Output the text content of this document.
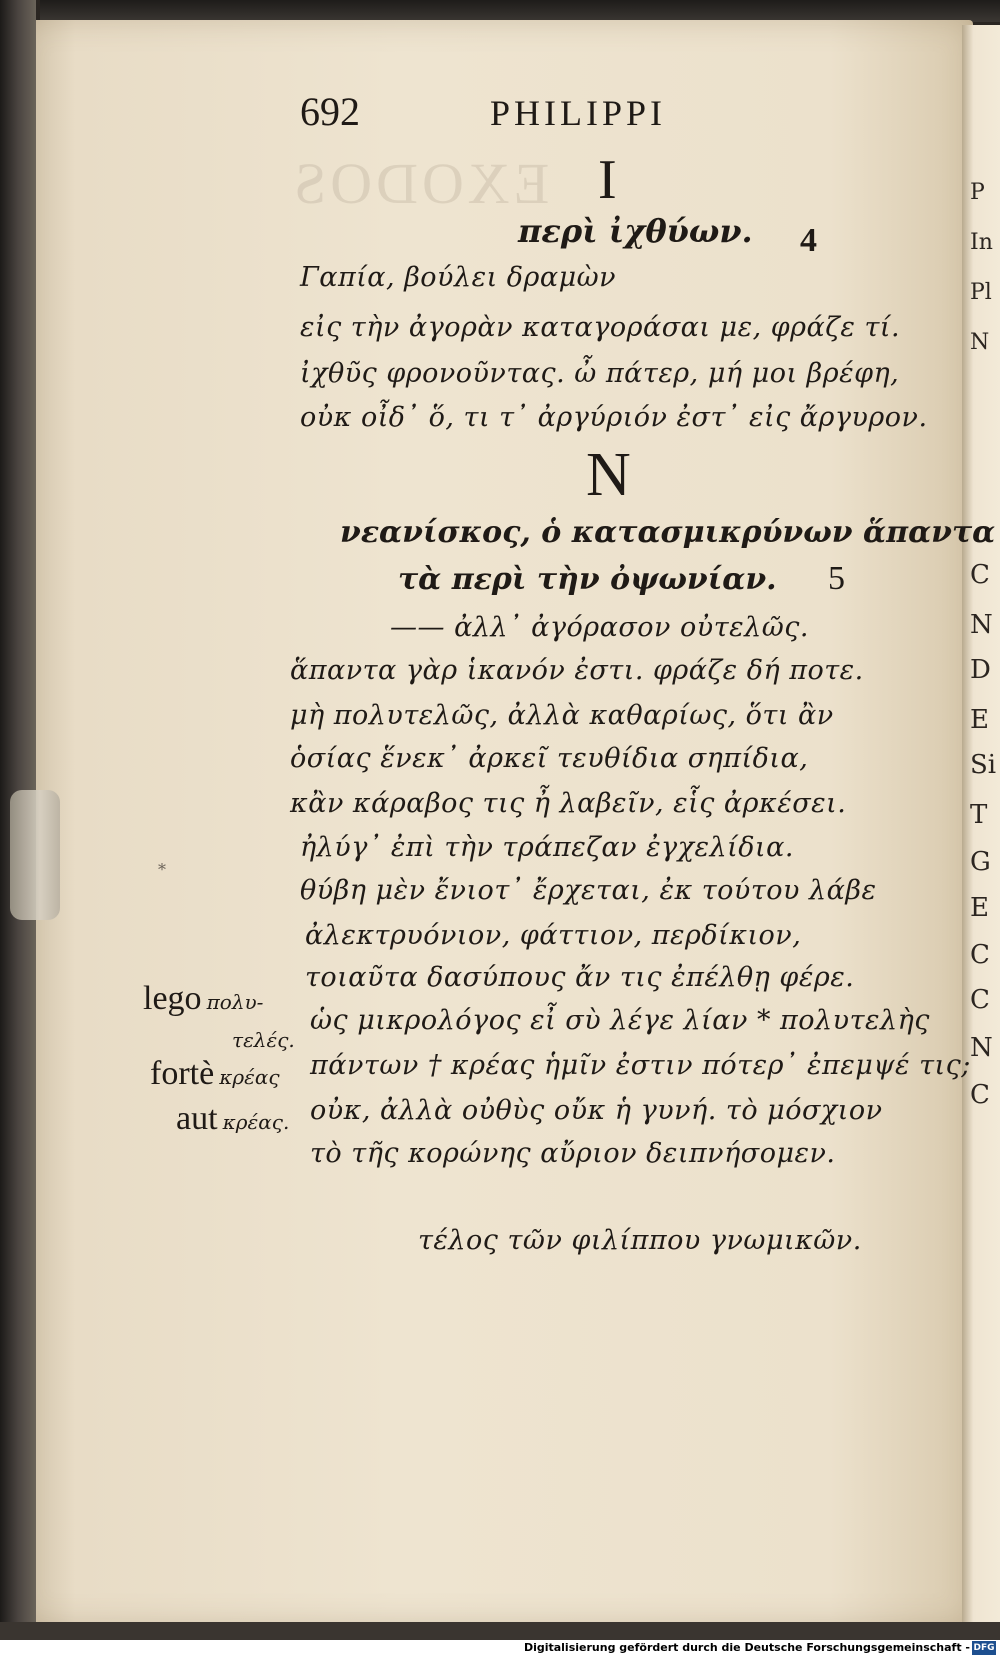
P
In
Pl
N
C
N
D
E
Si
T
G
E
C
C
N
C
EXODOS
692	PHILIPPI
I
περὶ ἰχθύων. 4
Γαπία, βούλει δραμὼν
εἰς τὴν ἀγορὰν καταγοράσαι με, φράζε τί.
ἰχθῦς φρονοῦντας. ὦ πάτερ, μή μοι βρέφη,
οὐκ οἶδ᾽ ὅ, τι τ᾽ ἀργύριόν ἐστ᾽ εἰς ἄργυρον.
N
νεανίσκος, ὁ κατασμικρύνων ἅπαντα
τὰ περὶ τὴν ὀψωνίαν. 5
—— ἀλλ᾽ ἀγόρασον οὐτελῶς.
ἅπαντα γὰρ ἱκανόν ἐστι. φράζε δή ποτε.
μὴ πολυτελῶς, ἀλλὰ καθαρίως, ὅτι ἂν
ὁσίας ἕνεκ᾽ ἀρκεῖ τευθίδια σηπίδια,
κἂν κάραβος τις ἦ λαβεῖν, εἷς ἀρκέσει.
ἠλύγ᾽ ἐπὶ τὴν τράπεζαν ἐγχελίδια.
θύβη μὲν ἔνιοτ᾽ ἔρχεται, ἐκ τούτου λάβε
ἀλεκτρυόνιον, φάττιον, περδίκιον,
τοιαῦτα δασύπους ἄν τις ἐπέλθῃ φέρε.
ὡς μικρολόγος εἶ σὺ λέγε λίαν * πολυτελὴς
πάντων † κρέας ἡμῖν ἐστιν πότερ᾽ ἐπεμψέ τις;
οὐκ, ἀλλὰ οὐθὺς οὔκ ἡ γυνή. τὸ μόσχιον
τὸ τῆς κορώνης αὔριον δειπνήσομεν.
τέλος τῶν φιλίππου γνωμικῶν.
*
lego πολυ-
τελές.
fortè κρέας
aut κρέας.
Digitalisierung gefördert durch die Deutsche Forschungsgemeinschaft - DFG
